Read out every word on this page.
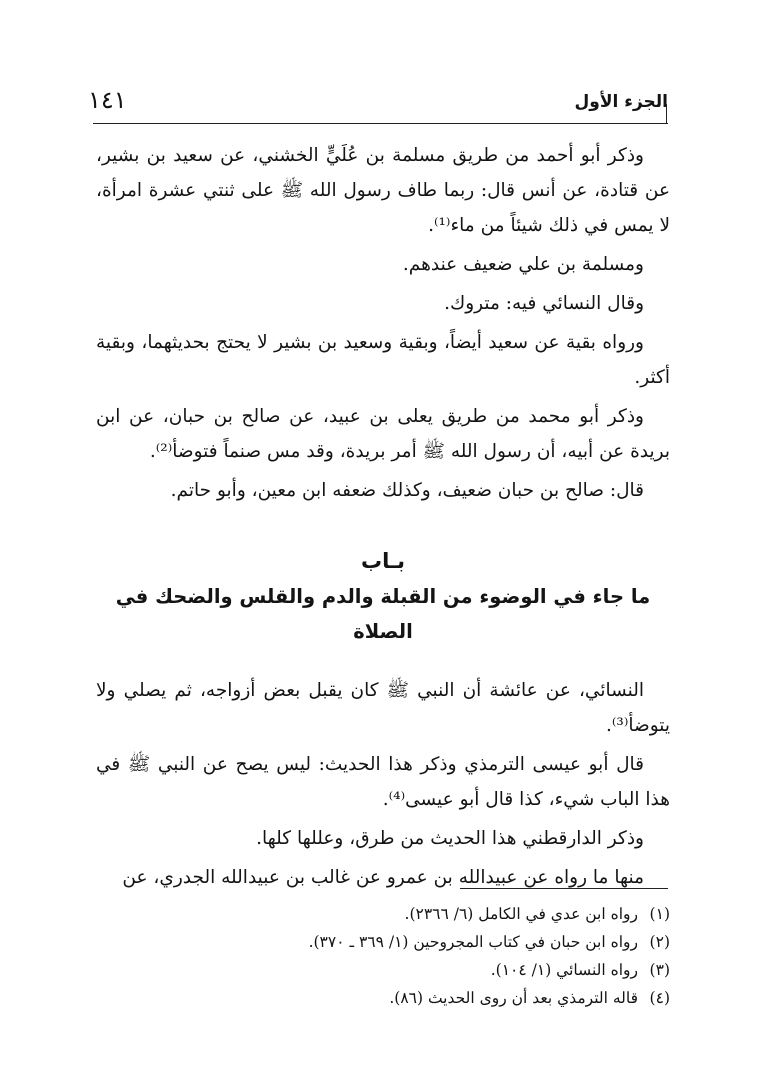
الجزء الأول
١٤١

وذكر أبو أحمد من طريق مسلمة بن عُلَيٍّ الخشني، عن سعيد بن بشير، عن قتادة، عن أنس قال: ربما طاف رسول الله ﷺ على ثنتي عشرة امرأة، لا يمس في ذلك شيئاً من ماء⁽¹⁾.

ومسلمة بن علي ضعيف عندهم.

وقال النسائي فيه: متروك.

ورواه بقية عن سعيد أيضاً، وبقية وسعيد بن بشير لا يحتج بحديثهما، وبقية أكثر.

وذكر أبو محمد من طريق يعلى بن عبيد، عن صالح بن حبان، عن ابن بريدة عن أبيه، أن رسول الله ﷺ أمر بريدة، وقد مس صنماً فتوضأ⁽²⁾.

قال: صالح بن حبان ضعيف، وكذلك ضعفه ابن معين، وأبو حاتم.

بـاب

ما جاء في الوضوء من القبلة والدم والقلس والضحك في الصلاة

النسائي، عن عائشة أن النبي ﷺ كان يقبل بعض أزواجه، ثم يصلي ولا يتوضأ⁽³⁾.

قال أبو عيسى الترمذي وذكر هذا الحديث: ليس يصح عن النبي ﷺ في هذا الباب شيء، كذا قال أبو عيسى⁽⁴⁾.

وذكر الدارقطني هذا الحديث من طرق، وعللها كلها.

منها ما رواه عن عبيدالله بن عمرو عن غالب بن عبيدالله الجدري، عن

(١)
رواه ابن عدي في الكامل (٦/ ٢٣٦٦).

(٢)
رواه ابن حبان في كتاب المجروحين (١/ ٣٦٩ ـ ٣٧٠).

(٣)
رواه النسائي (١/ ١٠٤).

(٤)
قاله الترمذي بعد أن روى الحديث (٨٦).
